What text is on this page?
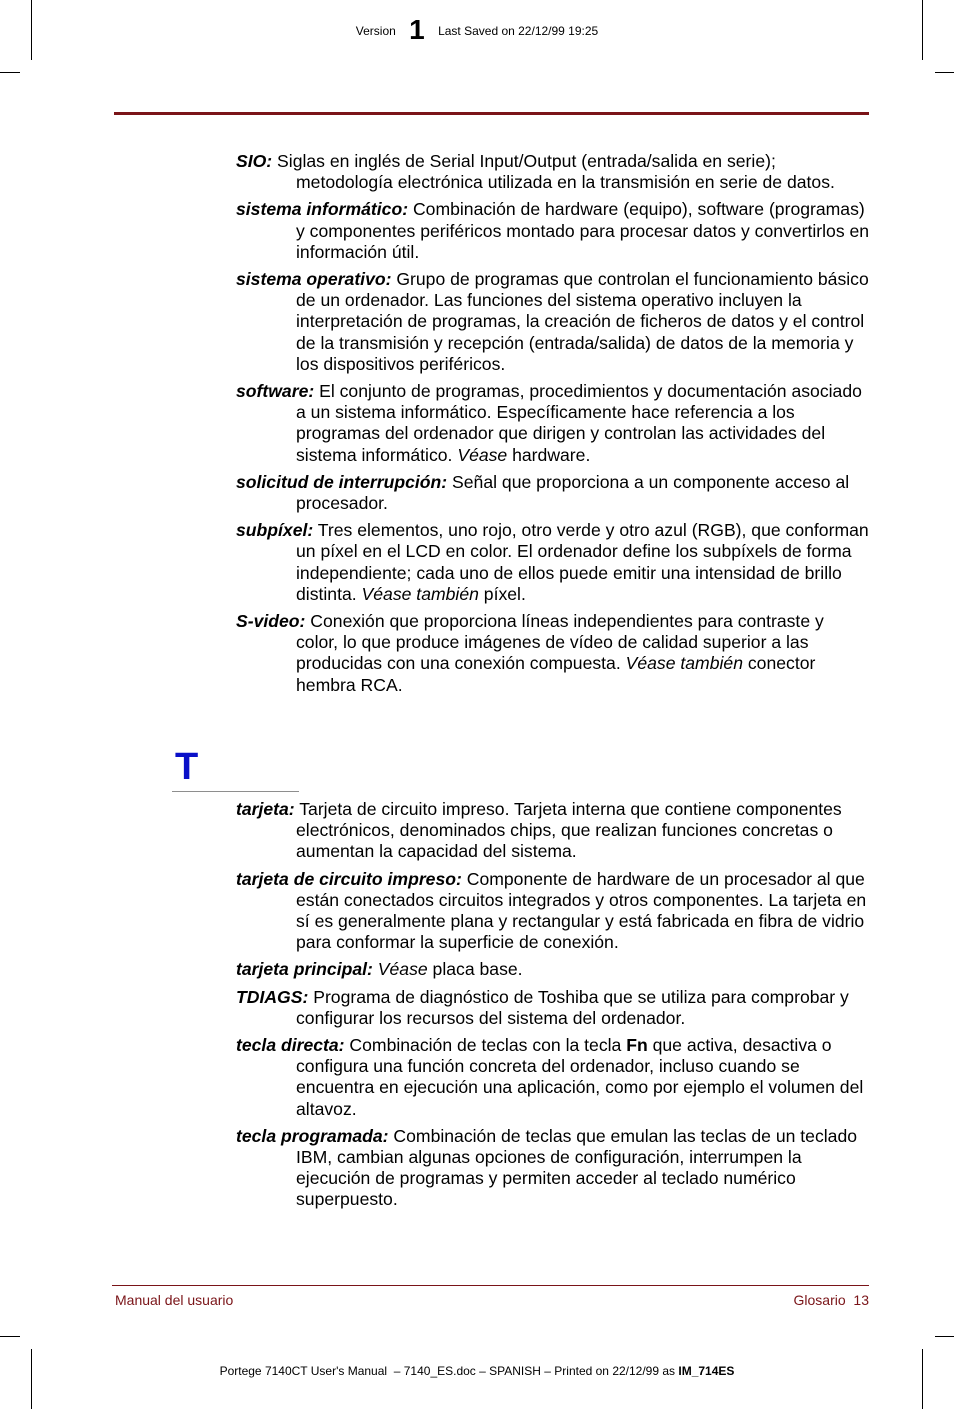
Version 1 Last Saved on 22/12/99 19:25

SIO: Siglas en inglés de Serial Input/Output (entrada/salida en serie); metodología electrónica utilizada en la transmisión en serie de datos.

sistema informático: Combinación de hardware (equipo), software (programas) y componentes periféricos montado para procesar datos y convertirlos en información útil.

sistema operativo: Grupo de programas que controlan el funcionamiento básico de un ordenador. Las funciones del sistema operativo incluyen la interpretación de programas, la creación de ficheros de datos y el control de la transmisión y recepción (entrada/salida) de datos de la memoria y los dispositivos periféricos.

software: El conjunto de programas, procedimientos y documentación asociado a un sistema informático. Específicamente hace referencia a los programas del ordenador que dirigen y controlan las actividades del sistema informático. Véase hardware.

solicitud de interrupción: Señal que proporciona a un componente acceso al procesador.

subpíxel: Tres elementos, uno rojo, otro verde y otro azul (RGB), que conforman un píxel en el LCD en color. El ordenador define los subpíxels de forma independiente; cada uno de ellos puede emitir una intensidad de brillo distinta. Véase también píxel.

S-video: Conexión que proporciona líneas independientes para contraste y color, lo que produce imágenes de vídeo de calidad superior a las producidas con una conexión compuesta. Véase también conector hembra RCA.

T

tarjeta: Tarjeta de circuito impreso. Tarjeta interna que contiene componentes electrónicos, denominados chips, que realizan funciones concretas o aumentan la capacidad del sistema.

tarjeta de circuito impreso: Componente de hardware de un procesador al que están conectados circuitos integrados y otros componentes. La tarjeta en sí es generalmente plana y rectangular y está fabricada en fibra de vidrio para conformar la superficie de conexión.

tarjeta principal: Véase placa base.

TDIAGS: Programa de diagnóstico de Toshiba que se utiliza para comprobar y configurar los recursos del sistema del ordenador.

tecla directa: Combinación de teclas con la tecla Fn que activa, desactiva o configura una función concreta del ordenador, incluso cuando se encuentra en ejecución una aplicación, como por ejemplo el volumen del altavoz.

tecla programada: Combinación de teclas que emulan las teclas de un teclado IBM, cambian algunas opciones de configuración, interrumpen la ejecución de programas y permiten acceder al teclado numérico superpuesto.

Manual del usuario	Glosario  13
Portege 7140CT User's Manual  – 7140_ES.doc – SPANISH – Printed on 22/12/99 as IM_714ES
